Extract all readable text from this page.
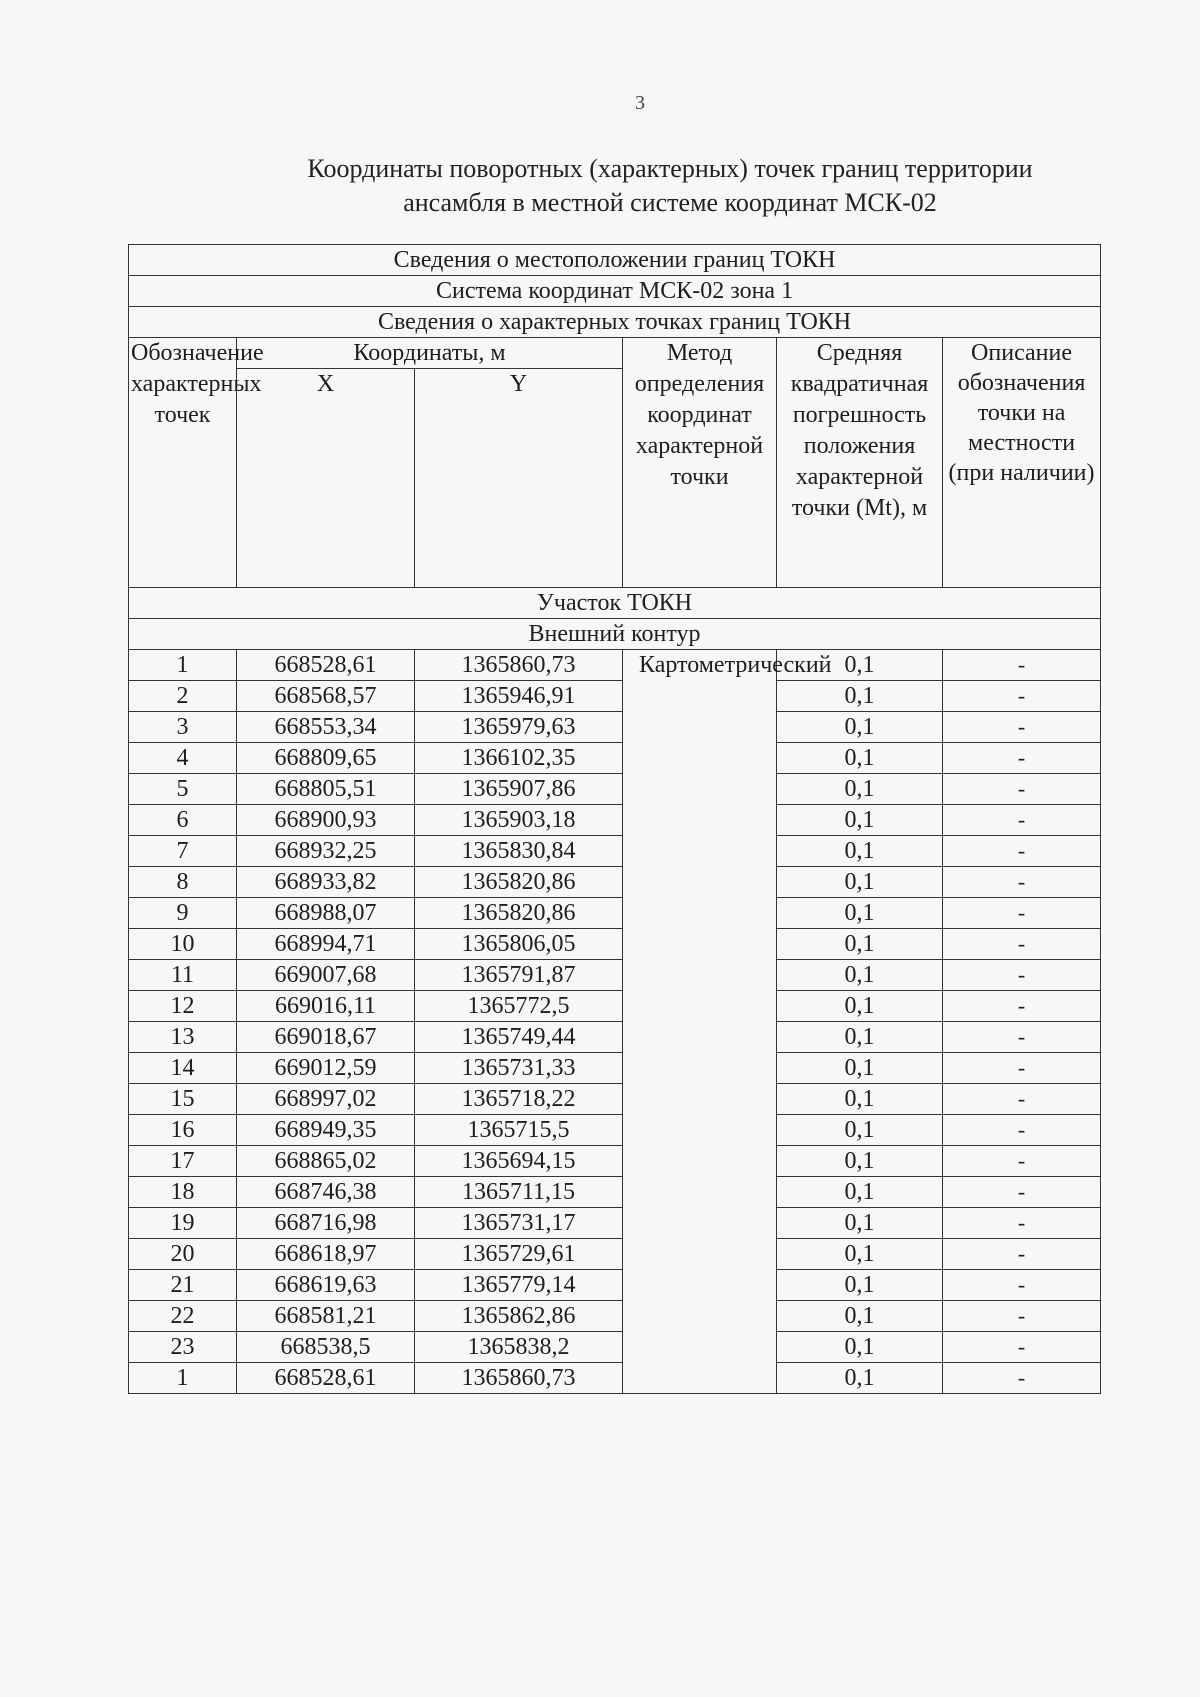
3
Координаты поворотных (характерных) точек границ территории
ансамбля в местной системе координат МСК-02
Сведения о местоположении границ ТОКН					
Система координат МСК-02 зона 1					
Сведения о характерных точках границ ТОКН					
Обозначение характерных точек	Координаты, м		Метод определения координат характерной точки	Средняя квадратичная погрешность положения характерной точки (Mt), м	Описание обозначения точки на местности (при наличии)
	X	Y			
Участок ТОКН					
Внешний контур					
1	668528,61	1365860,73	Картометрический	0,1	-
2	668568,57	1365946,91		0,1	-
3	668553,34	1365979,63		0,1	-
4	668809,65	1366102,35		0,1	-
5	668805,51	1365907,86		0,1	-
6	668900,93	1365903,18		0,1	-
7	668932,25	1365830,84		0,1	-
8	668933,82	1365820,86		0,1	-
9	668988,07	1365820,86		0,1	-
10	668994,71	1365806,05		0,1	-
11	669007,68	1365791,87		0,1	-
12	669016,11	1365772,5		0,1	-
13	669018,67	1365749,44		0,1	-
14	669012,59	1365731,33		0,1	-
15	668997,02	1365718,22		0,1	-
16	668949,35	1365715,5		0,1	-
17	668865,02	1365694,15		0,1	-
18	668746,38	1365711,15		0,1	-
19	668716,98	1365731,17		0,1	-
20	668618,97	1365729,61		0,1	-
21	668619,63	1365779,14		0,1	-
22	668581,21	1365862,86		0,1	-
23	668538,5	1365838,2		0,1	-
1	668528,61	1365860,73		0,1	-
